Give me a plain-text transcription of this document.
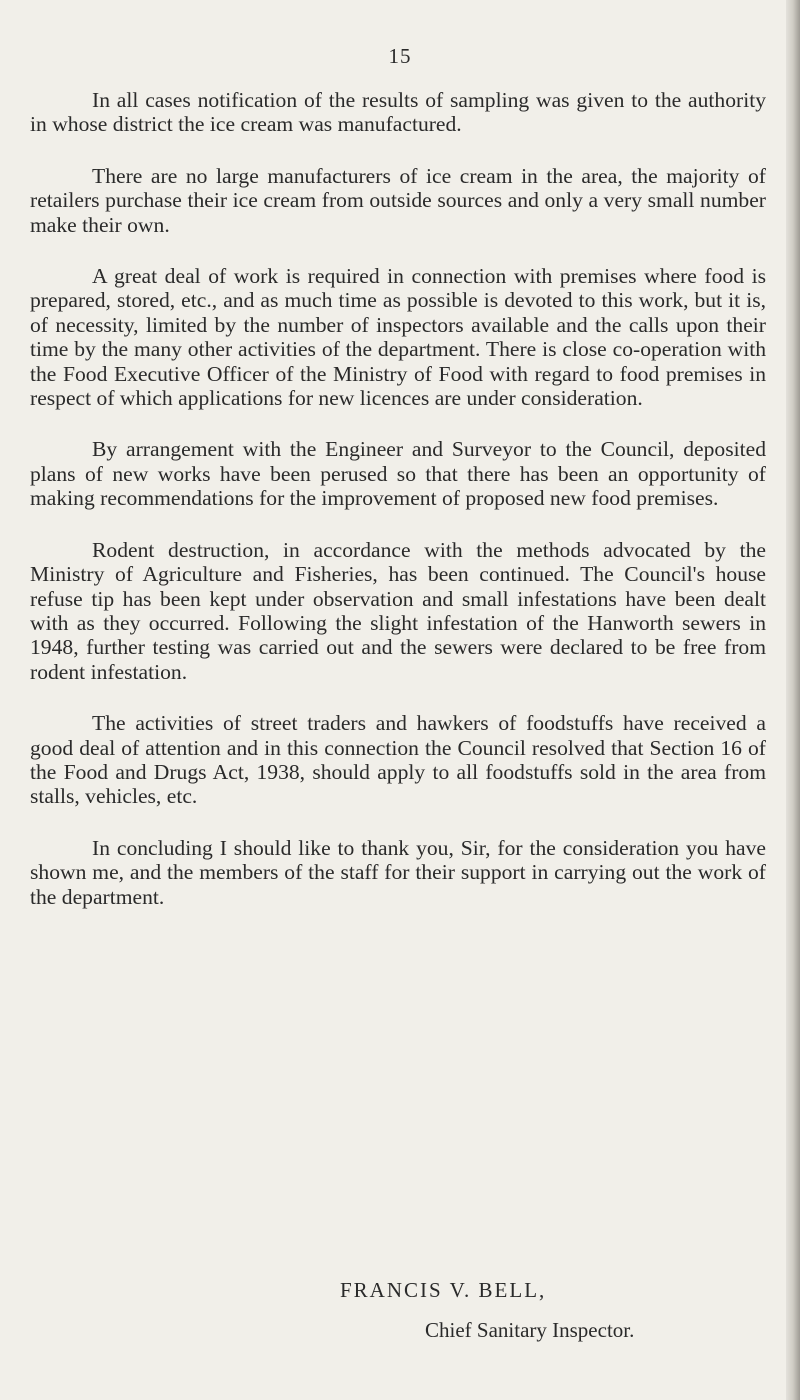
15

In all cases notification of the results of sampling was given to the authority in whose district the ice cream was manufactured.

There are no large manufacturers of ice cream in the area, the majority of retailers purchase their ice cream from outside sources and only a very small number make their own.

A great deal of work is required in connection with premises where food is prepared, stored, etc., and as much time as possible is devoted to this work, but it is, of necessity, limited by the number of inspectors available and the calls upon their time by the many other activities of the department. There is close co-operation with the Food Executive Officer of the Ministry of Food with regard to food premises in respect of which applications for new licences are under consideration.

By arrangement with the Engineer and Surveyor to the Council, deposited plans of new works have been perused so that there has been an opportunity of making recommendations for the improvement of proposed new food premises.

Rodent destruction, in accordance with the methods advocated by the Ministry of Agriculture and Fisheries, has been continued. The Council's house refuse tip has been kept under observation and small infestations have been dealt with as they occurred. Following the slight infestation of the Hanworth sewers in 1948, further testing was carried out and the sewers were declared to be free from rodent infestation.

The activities of street traders and hawkers of foodstuffs have received a good deal of attention and in this connection the Council resolved that Section 16 of the Food and Drugs Act, 1938, should apply to all foodstuffs sold in the area from stalls, vehicles, etc.

In concluding I should like to thank you, Sir, for the consideration you have shown me, and the members of the staff for their support in carrying out the work of the department.

FRANCIS V. BELL,
Chief Sanitary Inspector.
